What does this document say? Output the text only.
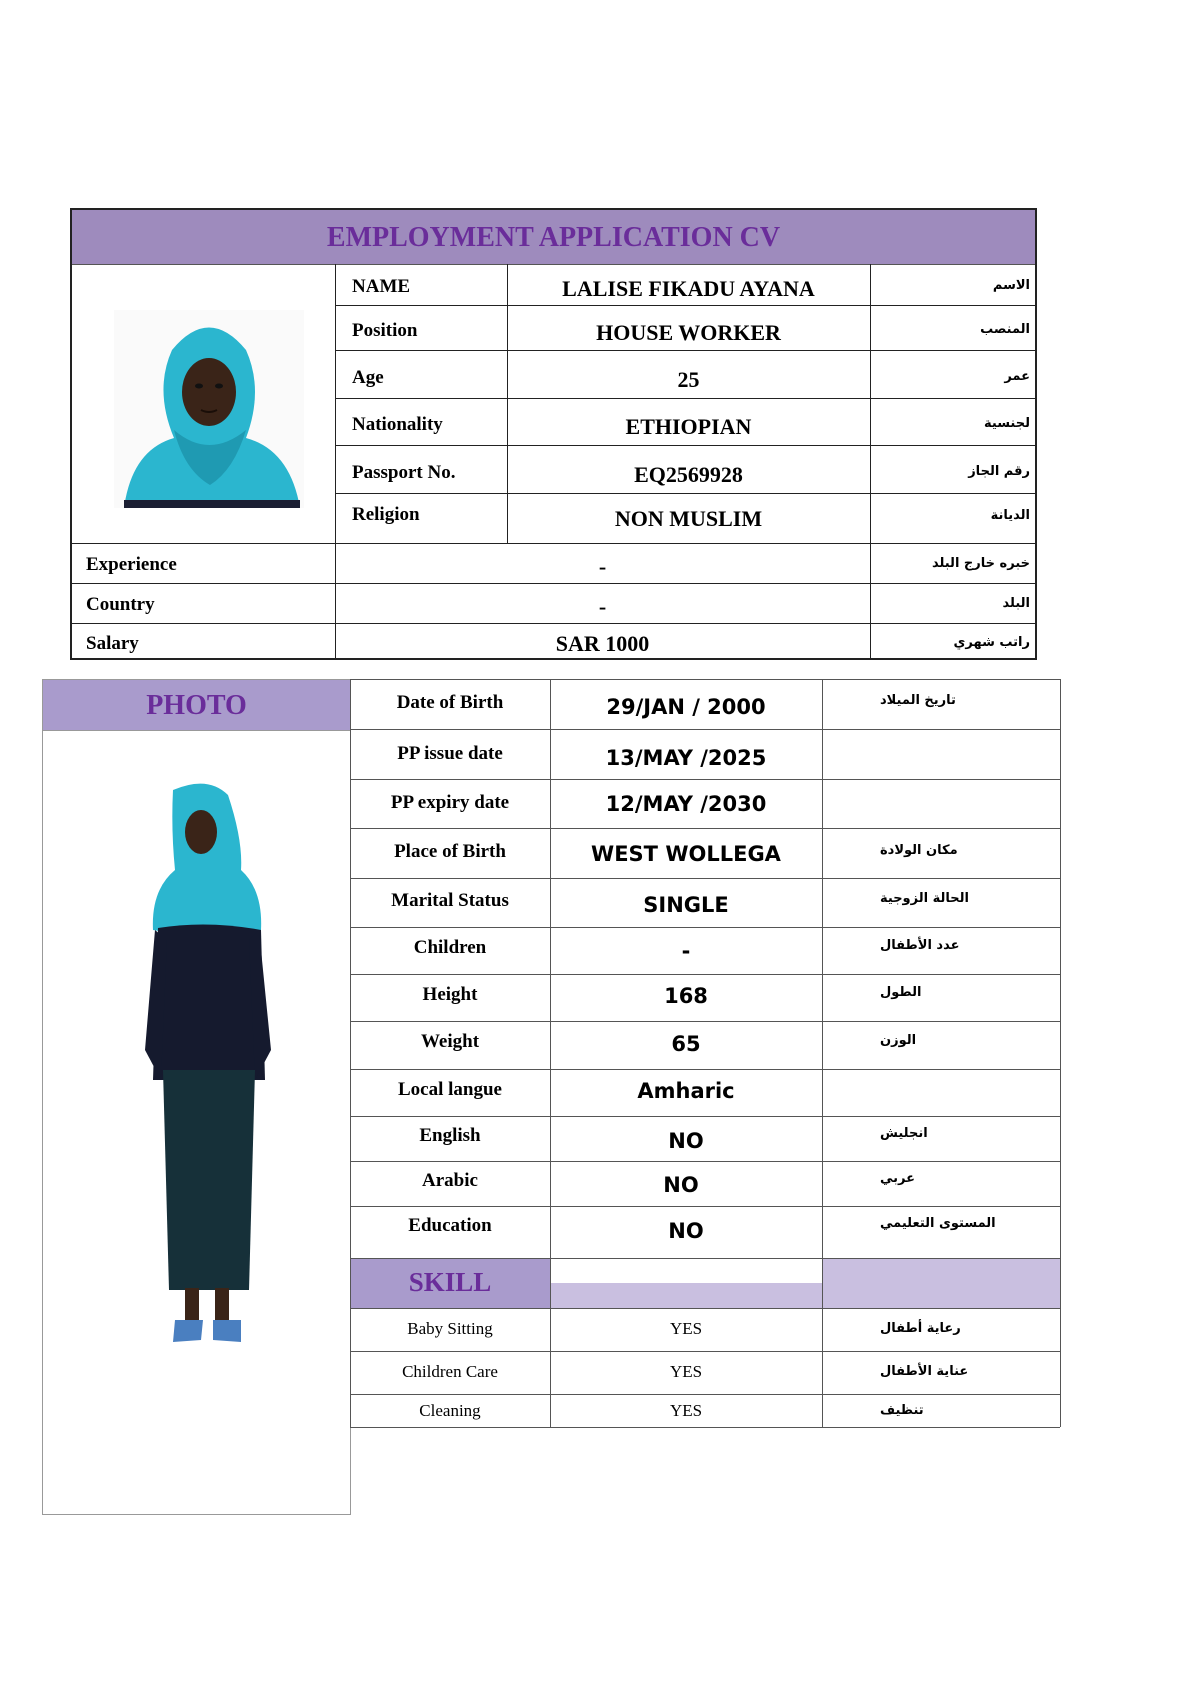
EMPLOYMENT APPLICATION CV
NAME	LALISE FIKADU AYANA	الاسم
Position	HOUSE WORKER	المنصب
Age	25	عمر
Nationality	ETHIOPIAN	لجنسية
Passport No.	EQ2569928	رقم الجاز
Religion	NON MUSLIM	الديانة
Experience	-	خبره خارج البلد
Country	-	البلد
Salary	SAR 1000	راتب شهري
PHOTO	Date of Birth	29/JAN / 2000	تاريخ الميلاد
PP issue date	13/MAY /2025
PP expiry date	12/MAY /2030
Place of Birth	WEST WOLLEGA	مكان الولادة
Marital Status	SINGLE	الحالة الزوجية
Children	-	عدد الأطفال
Height	168	الطول
Weight	65	الوزن
Local langue	Amharic
English	NO	انجليش
Arabic	NO	عربي
Education	NO	المستوى التعليمي
SKILL
Baby Sitting	YES	رعاية أطفال
Children Care	YES	عناية الأطفال
Cleaning	YES	تنظيف
